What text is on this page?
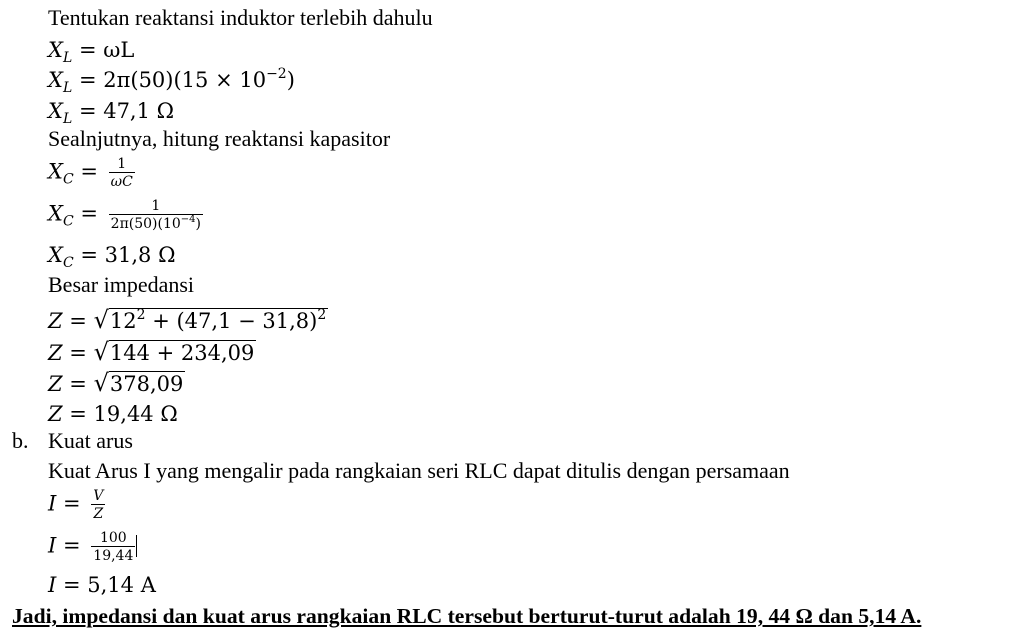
Tentukan reaktansi induktor terlebih dahulu
$X_L = \omega L$
$X_L = 2\pi(50)(15 \times 10^{-2})$
$X_L = 47,1$ Ω
Sealnjutnya, hitung reaktansi kapasitor
$X_C = \frac{1}{\omega C}$
$X_C = \frac{1}{2\pi(50)(10^{-4})}$
$X_C = 31,8$ Ω
Besar impedansi
$Z = √12^2 + (47,1 - 31,8)^2$
Z = √144 + 234,09
Z = √378,09
Z = 19,44 Ω
b. Kuat arus
Kuat Arus I yang mengalir pada rangkaian seri RLC dapat ditulis dengan persamaan
$I = \frac{V}{Z}$
$I = \frac{100}{19,44}$
I = 5,14 A
Jadi, impedansi dan kuat arus rangkaian RLC tersebut berturut-turut adalah 19, 44 Ω dan 5,14 A.
